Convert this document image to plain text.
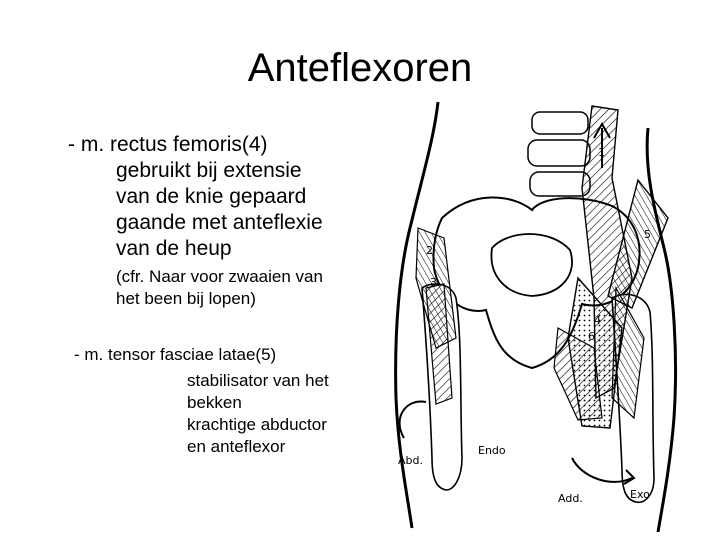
Anteflexoren
- m. rectus femoris(4)
gebruikt bij extensie
van de knie gepaard
gaande met anteflexie
van de heup
(cfr. Naar voor zwaaien van
het been bij lopen)
- m. tensor fasciae latae(5)
stabilisator van het
bekken
krachtige abductor
en anteflexor
Abd.
Endo
Add.	Exo
1
2
3
4
5
6
